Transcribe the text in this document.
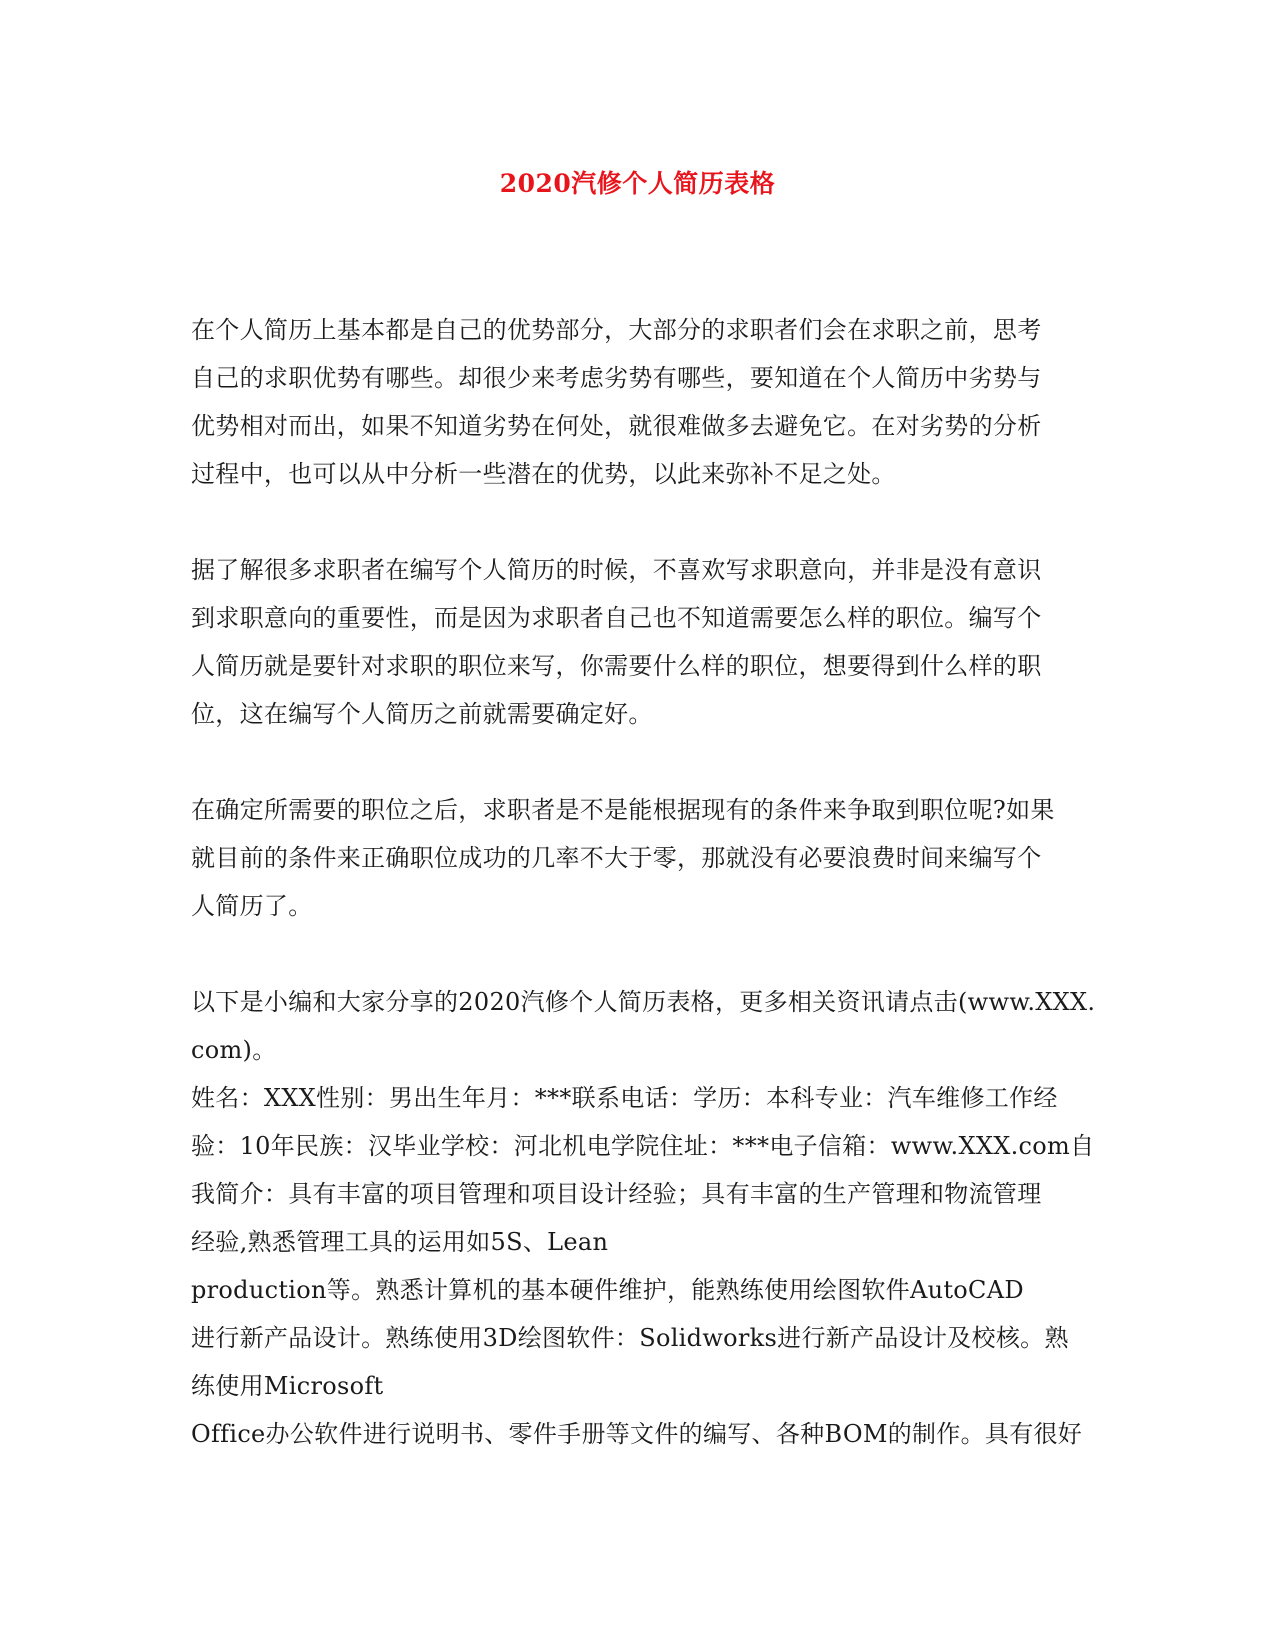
2020汽修个人简历表格
在个人简历上基本都是自己的优势部分，大部分的求职者们会在求职之前，思考
自己的求职优势有哪些。却很少来考虑劣势有哪些，要知道在个人简历中劣势与
优势相对而出，如果不知道劣势在何处，就很难做多去避免它。在对劣势的分析
过程中，也可以从中分析一些潜在的优势，以此来弥补不足之处。
据了解很多求职者在编写个人简历的时候，不喜欢写求职意向，并非是没有意识
到求职意向的重要性，而是因为求职者自己也不知道需要怎么样的职位。编写个
人简历就是要针对求职的职位来写，你需要什么样的职位，想要得到什么样的职
位，这在编写个人简历之前就需要确定好。
在确定所需要的职位之后，求职者是不是能根据现有的条件来争取到职位呢?如果
就目前的条件来正确职位成功的几率不大于零，那就没有必要浪费时间来编写个
人简历了。
以下是小编和大家分享的2020汽修个人简历表格，更多相关资讯请点击(www.XXX.
com)。
姓名：XXX性别：男出生年月：***联系电话：学历：本科专业：汽车维修工作经
验：10年民族：汉毕业学校：河北机电学院住址：***电子信箱：www.XXX.com自
我简介：具有丰富的项目管理和项目设计经验；具有丰富的生产管理和物流管理
经验,熟悉管理工具的运用如5S、Lean
production等。熟悉计算机的基本硬件维护，能熟练使用绘图软件AutoCAD
进行新产品设计。熟练使用3D绘图软件：Solidworks进行新产品设计及校核。熟
练使用Microsoft
Office办公软件进行说明书、零件手册等文件的编写、各种BOM的制作。具有很好
